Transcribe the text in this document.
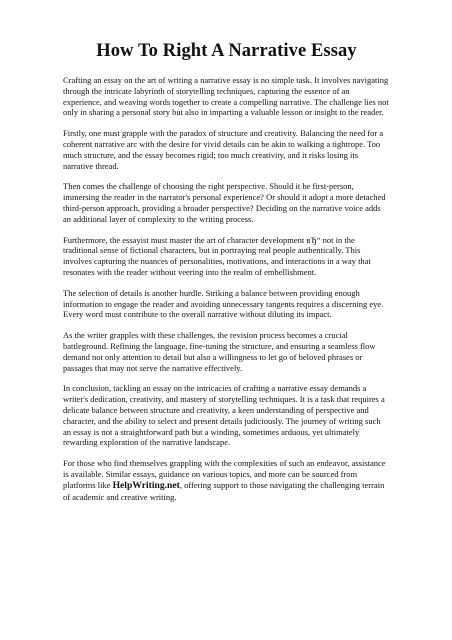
How To Right A Narrative Essay

Crafting an essay on the art of writing a narrative essay is no simple task. It involves navigating through the intricate labyrinth of storytelling techniques, capturing the essence of an experience, and weaving words together to create a compelling narrative. The challenge lies not only in sharing a personal story but also in imparting a valuable lesson or insight to the reader.

Firstly, one must grapple with the paradox of structure and creativity. Balancing the need for a coherent narrative arc with the desire for vivid details can be akin to walking a tightrope. Too much structure, and the essay becomes rigid; too much creativity, and it risks losing its narrative thread.

Then comes the challenge of choosing the right perspective. Should it be first-person, immersing the reader in the narrator's personal experience? Or should it adopt a more detached third-person approach, providing a broader perspective? Deciding on the narrative voice adds an additional layer of complexity to the writing process.

Furthermore, the essayist must master the art of character development вЂ“ not in the traditional sense of fictional characters, but in portraying real people authentically. This involves capturing the nuances of personalities, motivations, and interactions in a way that resonates with the reader without veering into the realm of embellishment.

The selection of details is another hurdle. Striking a balance between providing enough information to engage the reader and avoiding unnecessary tangents requires a discerning eye. Every word must contribute to the overall narrative without diluting its impact.

As the writer grapples with these challenges, the revision process becomes a crucial battleground. Refining the language, fine-tuning the structure, and ensuring a seamless flow demand not only attention to detail but also a willingness to let go of beloved phrases or passages that may not serve the narrative effectively.

In conclusion, tackling an essay on the intricacies of crafting a narrative essay demands a writer's dedication, creativity, and mastery of storytelling techniques. It is a task that requires a delicate balance between structure and creativity, a keen understanding of perspective and character, and the ability to select and present details judiciously. The journey of writing such an essay is not a straightforward path but a winding, sometimes arduous, yet ultimately rewarding exploration of the narrative landscape.

For those who find themselves grappling with the complexities of such an endeavor, assistance is available. Similar essays, guidance on various topics, and more can be sourced from platforms like HelpWriting.net, offering support to those navigating the challenging terrain of academic and creative writing.
